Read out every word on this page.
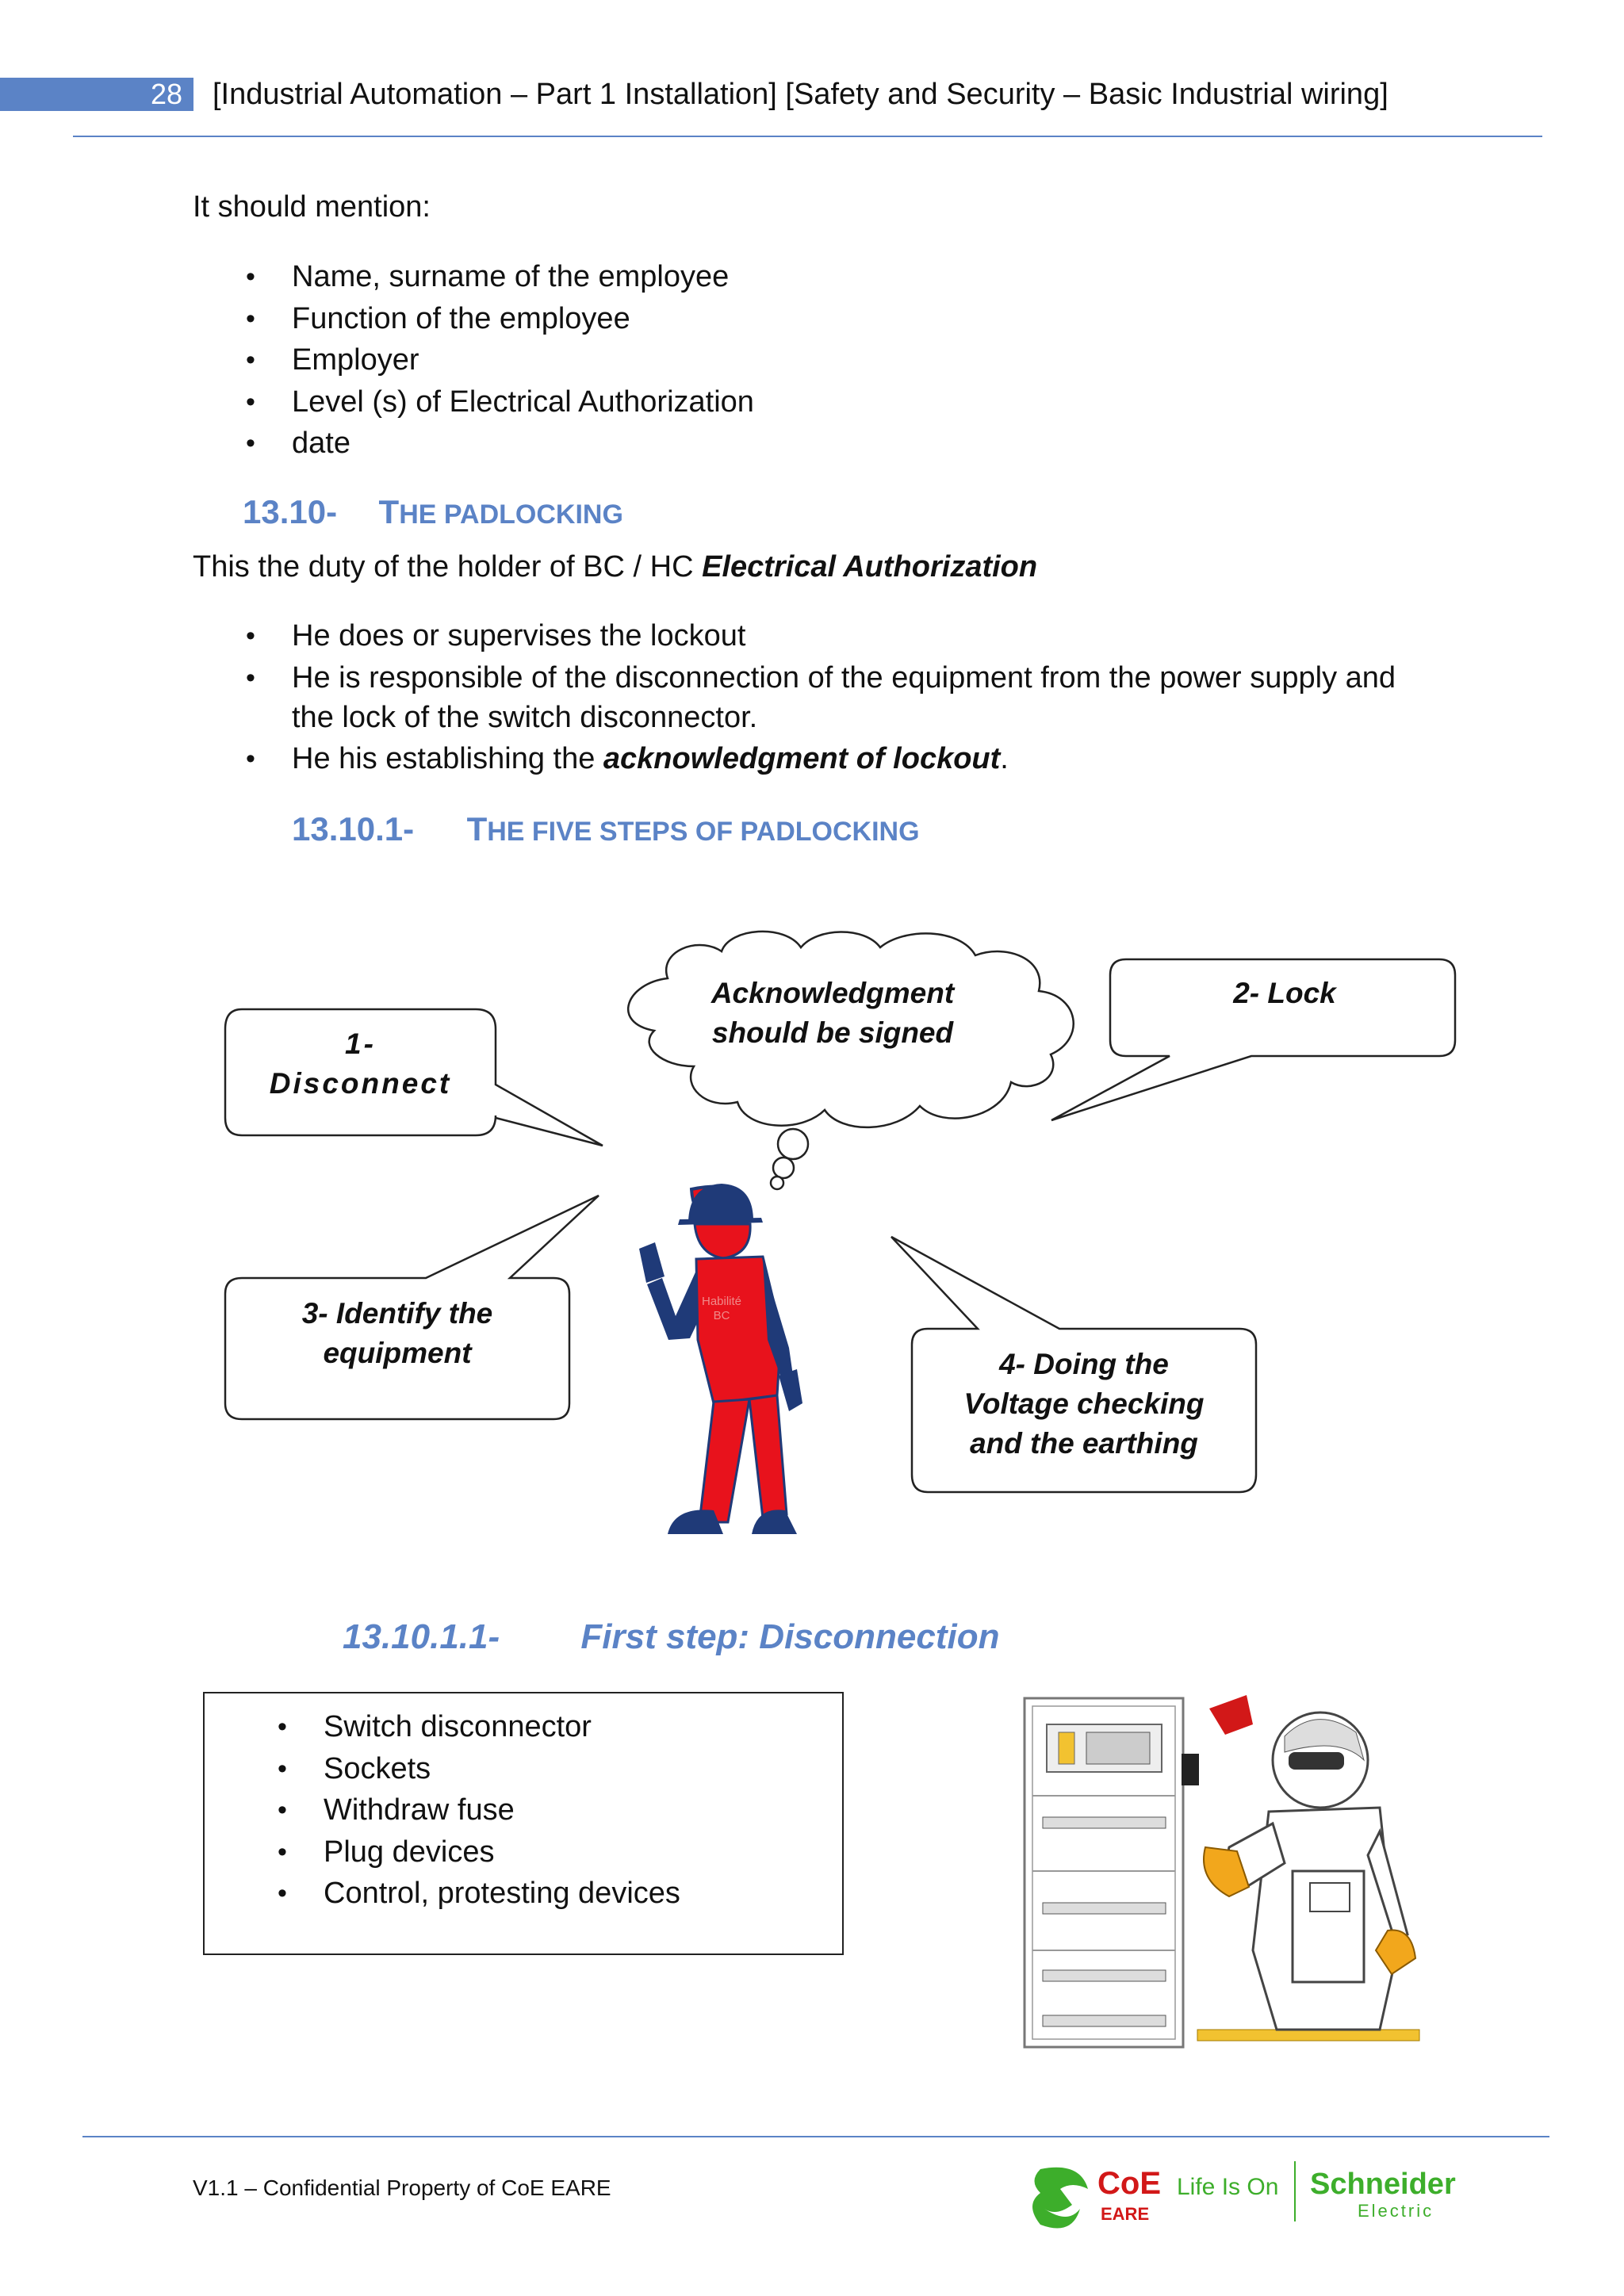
28 [Industrial Automation – Part 1 Installation] [Safety and Security – Basic Industrial wiring]
It should mention:
• Name, surname of the employee
• Function of the employee
• Employer
• Level (s) of Electrical Authorization
• date
13.10- THE PADLOCKING
This the duty of the holder of BC / HC Electrical Authorization
• He does or supervises the lockout
• He is responsible of the disconnection of the equipment from the power supply and
the lock of the switch disconnector.
• He his establishing the acknowledgment of lockout.
13.10.1- THE FIVE STEPS OF PADLOCKING
Habilité
BC
1-
Disconnect
Acknowledgment
should be signed
2- Lock
3- Identify the
equipment	4- Doing the
Voltage checking
and the earthing
13.10.1.1- First step: Disconnection
• Switch disconnector
• Sockets
• Withdraw fuse
• Plug devices
• Control, protesting devices
V1.1 – Confidential Property of CoE EARE	CoE
EARE
Life Is On Schneider
Electric
